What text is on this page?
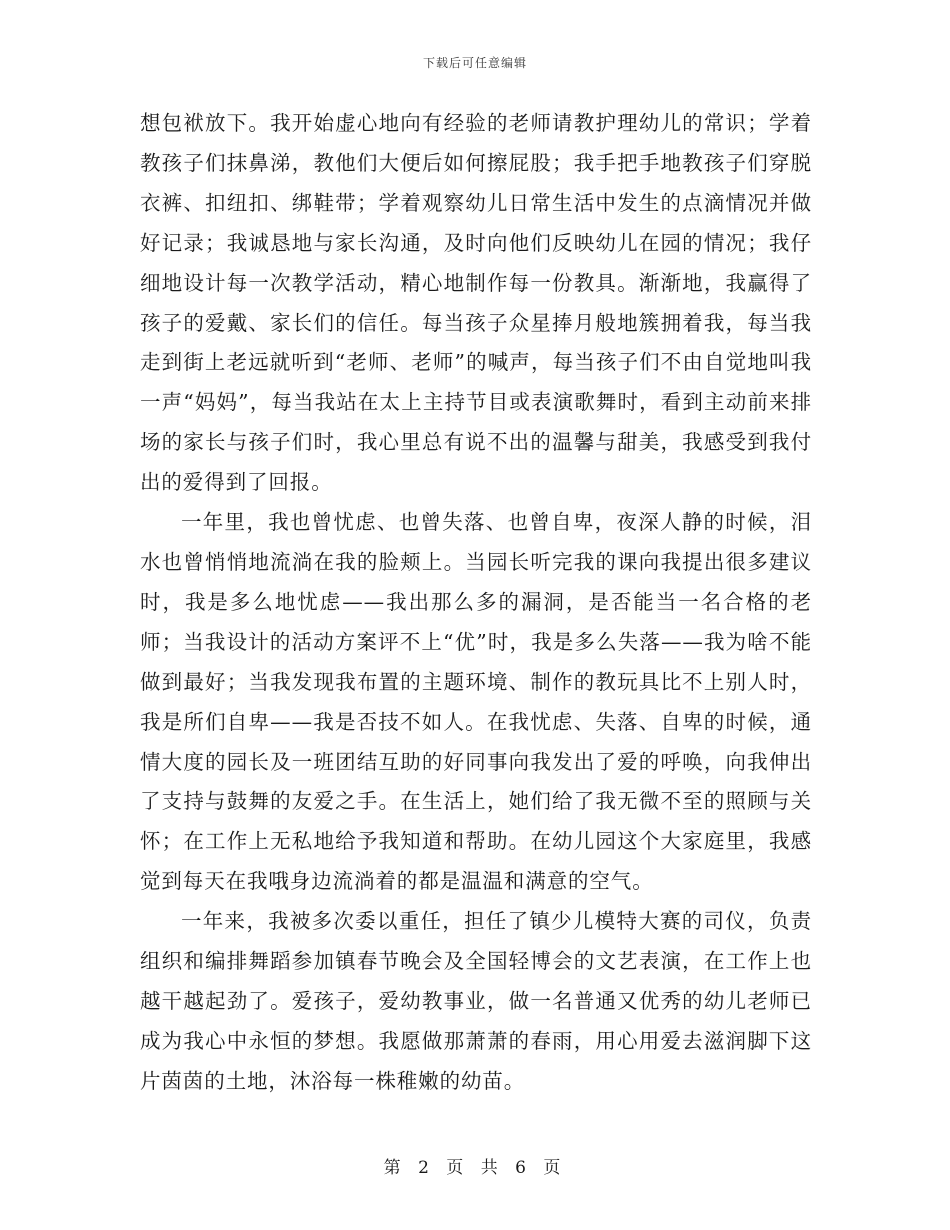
下载后可任意编辑

想包袱放下。我开始虚心地向有经验的老师请教护理幼儿的常识；学着教孩子们抹鼻涕，教他们大便后如何擦屁股；我手把手地教孩子们穿脱衣裤、扣纽扣、绑鞋带；学着观察幼儿日常生活中发生的点滴情况并做好记录；我诚恳地与家长沟通，及时向他们反映幼儿在园的情况；我仔细地设计每一次教学活动，精心地制作每一份教具。渐渐地，我赢得了孩子的爱戴、家长们的信任。每当孩子众星捧月般地簇拥着我，每当我走到街上老远就听到“老师、老师”的喊声，每当孩子们不由自觉地叫我一声“妈妈”，每当我站在太上主持节目或表演歌舞时，看到主动前来排场的家长与孩子们时，我心里总有说不出的温馨与甜美，我感受到我付出的爱得到了回报。

一年里，我也曾忧虑、也曾失落、也曾自卑，夜深人静的时候，泪水也曾悄悄地流淌在我的脸颊上。当园长听完我的课向我提出很多建议时，我是多么地忧虑——我出那么多的漏洞，是否能当一名合格的老师；当我设计的活动方案评不上“优”时，我是多么失落——我为啥不能做到最好；当我发现我布置的主题环境、制作的教玩具比不上别人时，我是所们自卑——我是否技不如人。在我忧虑、失落、自卑的时候，通情大度的园长及一班团结互助的好同事向我发出了爱的呼唤，向我伸出了支持与鼓舞的友爱之手。在生活上，她们给了我无微不至的照顾与关怀；在工作上无私地给予我知道和帮助。在幼儿园这个大家庭里，我感觉到每天在我哦身边流淌着的都是温温和满意的空气。

一年来，我被多次委以重任，担任了镇少儿模特大赛的司仪，负责组织和编排舞蹈参加镇春节晚会及全国轻博会的文艺表演，在工作上也越干越起劲了。爱孩子，爱幼教事业，做一名普通又优秀的幼儿老师已成为我心中永恒的梦想。我愿做那萧萧的春雨，用心用爱去滋润脚下这片茵茵的土地，沐浴每一株稚嫩的幼苗。

第 2 页 共 6 页
